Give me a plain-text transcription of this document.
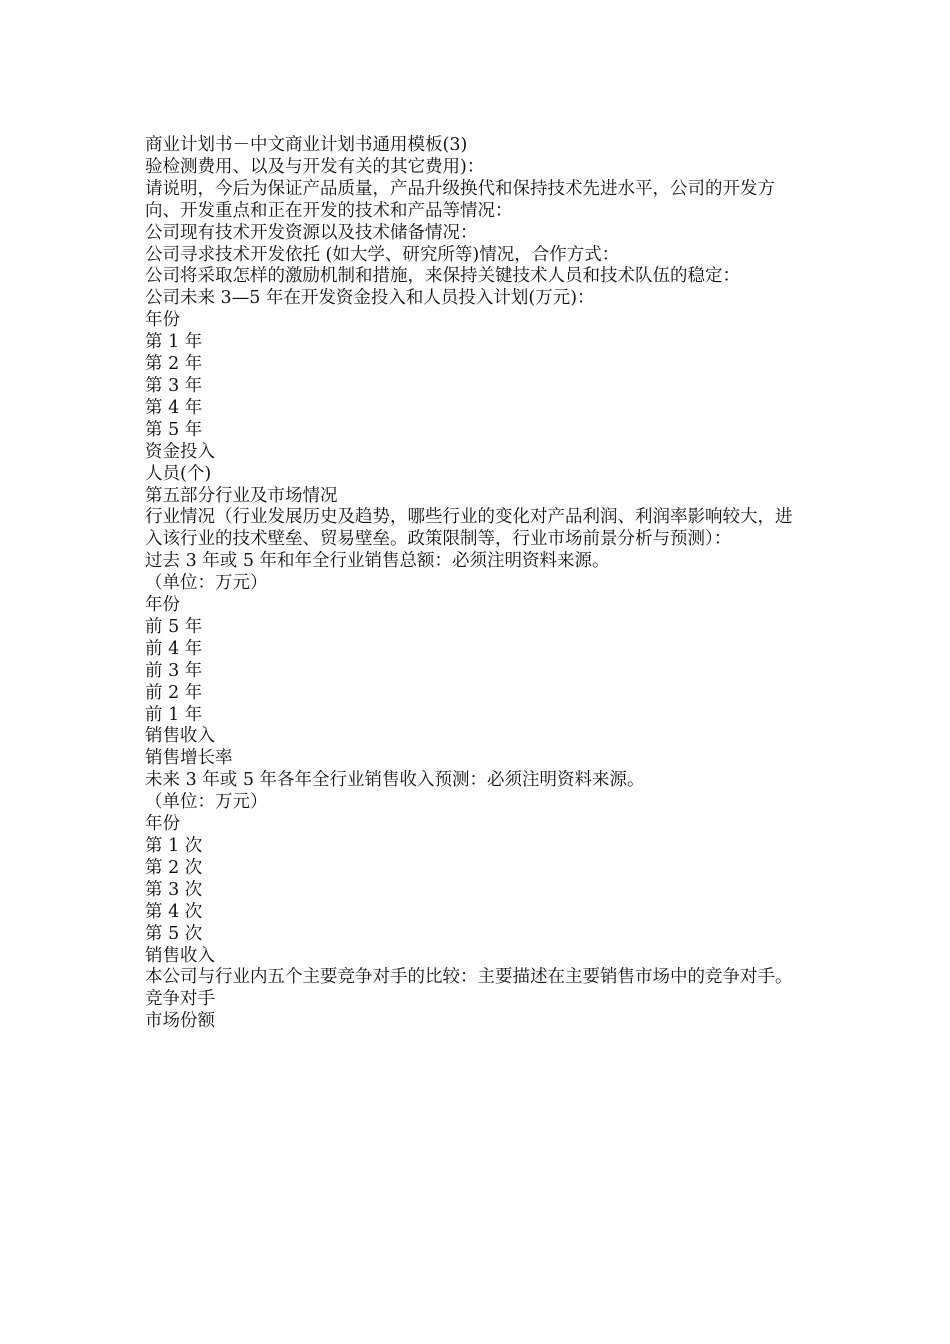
商业计划书－中文商业计划书通用模板(3)

验检测费用、以及与开发有关的其它费用)：

请说明，今后为保证产品质量，产品升级换代和保持技术先进水平，公司的开发方向、开发重点和正在开发的技术和产品等情况：

公司现有技术开发资源以及技术储备情况：

公司寻求技术开发依托 (如大学、研究所等)情况，合作方式：

公司将采取怎样的激励机制和措施，来保持关键技术人员和技术队伍的稳定：

公司未来 3—5 年在开发资金投入和人员投入计划(万元)：

年份

第 1 年

第 2 年

第 3 年

第 4 年

第 5 年

资金投入

人员(个)

第五部分行业及市场情况

行业情况（行业发展历史及趋势，哪些行业的变化对产品利润、利润率影响较大，进入该行业的技术壁垒、贸易壁垒。政策限制等，行业市场前景分析与预测）：

过去 3 年或 5 年和年全行业销售总额：必须注明资料来源。

（单位：万元）

年份

前 5 年

前 4 年

前 3 年

前 2 年

前 1 年

销售收入

销售增长率

未来 3 年或 5 年各年全行业销售收入预测：必须注明资料来源。

（单位：万元）

年份

第 1 次

第 2 次

第 3 次

第 4 次

第 5 次

销售收入

本公司与行业内五个主要竞争对手的比较：主要描述在主要销售市场中的竞争对手。

竞争对手

市场份额
